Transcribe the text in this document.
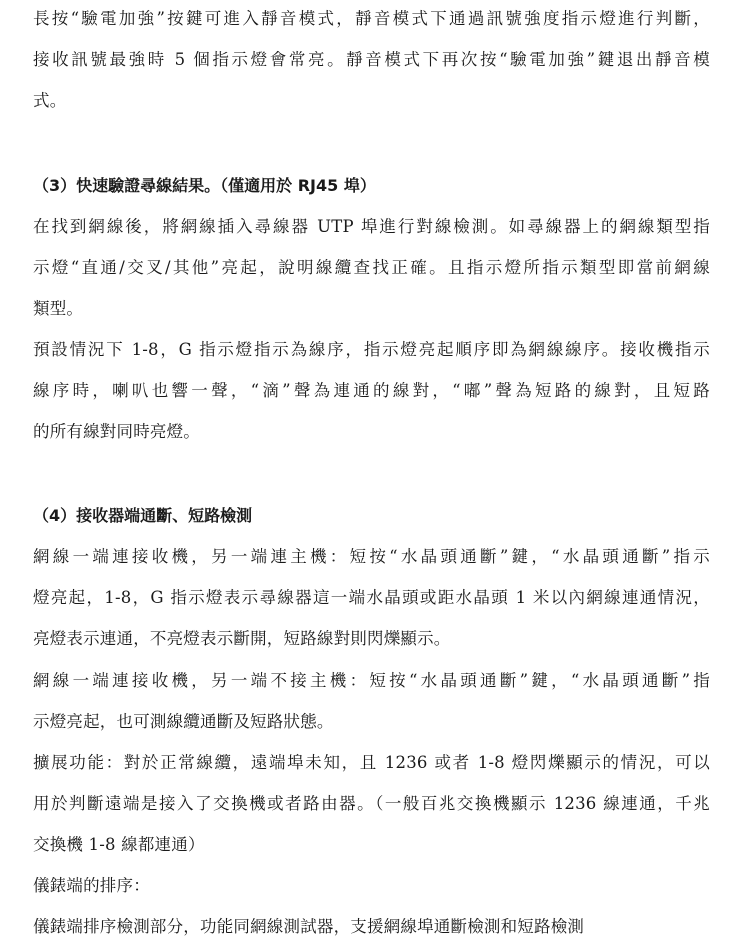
長按“驗電加強”按鍵可進入靜音模式，靜音模式下通過訊號強度指示燈進行判斷，
接收訊號最強時 5 個指示燈會常亮。靜音模式下再次按“驗電加強”鍵退出靜音模
式。
（3）快速驗證尋線結果。（僅適用於 RJ45 埠）
在找到網線後，將網線插入尋線器 UTP 埠進行對線檢測。如尋線器上的網線類型指
示燈“直通/交叉/其他”亮起，說明線纜查找正確。且指示燈所指示類型即當前網線
類型。
預設情況下 1-8，G 指示燈指示為線序，指示燈亮起順序即為網線線序。接收機指示
線序時，喇叭也響一聲，“滴”聲為連通的線對，“嘟”聲為短路的線對，且短路
的所有線對同時亮燈。
（4）接收器端通斷、短路檢測
網線一端連接收機，另一端連主機：短按“水晶頭通斷”鍵，“水晶頭通斷”指示
燈亮起，1-8，G 指示燈表示尋線器這一端水晶頭或距水晶頭 1 米以內網線連通情況，
亮燈表示連通，不亮燈表示斷開，短路線對則閃爍顯示。
網線一端連接收機，另一端不接主機：短按“水晶頭通斷”鍵，“水晶頭通斷”指
示燈亮起，也可測線纜通斷及短路狀態。
擴展功能：對於正常線纜，遠端埠未知，且 1236 或者 1-8 燈閃爍顯示的情況，可以
用於判斷遠端是接入了交換機或者路由器。（一般百兆交換機顯示 1236 線連通，千兆
交換機 1-8 線都連通）
儀錶端的排序：
儀錶端排序檢測部分，功能同網線測試器，支援網線埠通斷檢測和短路檢測
